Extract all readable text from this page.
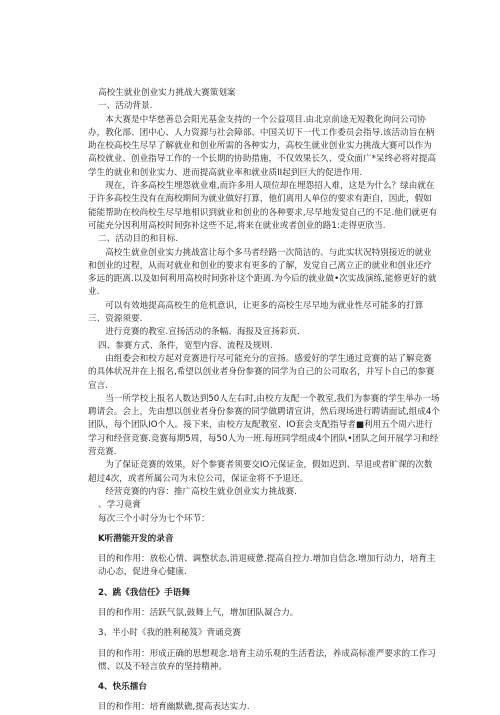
高校生就业创业实力挑战大赛策划案

一、活动背景.

本大赛是中华慈善总会阳光基金支持的一个公益项目.由北京前途无短教化询问公司协办，教化部、团中心、人力资源与社会障部、中国关切下一代工作委员会指导.该活动旨在柄助在校高校生尽早了解就业和创业所需的各种实力，高校生就业创业实力挑战大赛可以作为高校就业、创业指导工作的一个长期的协助措施，不仅效果长久、受众面广*呆终必将对提高学生的就业和创业实力、进而提高就业率和就业质II起到巨大的促进作用.

现在，许多高校生埋怨就业难,而许多用人项位却在埋怨招人难，这是为什么？绿由就在于许多高校生没有在海校期间为就业做好打算，他们离用人单位的要求有距自，因此，假如能能帮助在校尚校生尽早地相识到就业和创业的各种要求,尽早地发觉自己的不足.他们就更有可能充分因利用高校时间弥补这些不足,将来在就业或者创业的路1:走得更欣当.

二、活动目的和目标.

高校生就业创业实力挑战富让每个多马者经路一次简洁的、与此实状况特别接近的就业和创业的过程，从而对就业和创业的要求有更多的了解，发觉自己离立正的就业和创业还疗多远的距离.以及如何利用高校时间弥补这个距离.为今后的就业做•次实战演练,能修更好的就业.

可以有效地提高高校生的危机意识，让更多的高校生尽早地为就业性尽可能多的打算三、资源须要.

进行竞赛的教室.宣扬活动的条幅、海报及宣扬彩页.

四、参赛方式、条件，宽型内容、流程及规则.

由组委会和校方起对竞赛进行尽可能充分的宣扬。感爱好的学生通过竞赛的站了解竞赛的具体状况并在上报名,希望以创业者身份参赛的同学为自己的公司取名，并写卜自己的参赛宣言.

当一所学校上报名人数达到50人左右时,由校方友配一个教室,我们为参赛的学生举办一场聘请会。会上，先由想以创业者身份参赛的同学做聘请宣讲，然后现场进行聘请面试,组成4个团队，每个团队IO个人。接下来，由校方友配教室、IO套会支配指导者■利用五个周六进行学习和经营竞赛.竞赛每期5周，每50人为一班.每班同学组成4个团队•团队之间开展学习和经营竞赛.

为了保证竞赛的效果，好个参赛者须要交IO元保证金，假如迟到、早退或者旷课的次数超过4次，或者所属公司为末位公司，保证金将不予退还。

经营竞赛的内容：推广高校生就业创业实力挑战赛.

、学习竟膏

每次三个小时分为七个环节：

K听潜能开发的录音

目的和作用：放松心情、调整状态,消退疲惫.提高自控力.增加自信念.增加行动力，培育主动心态，促进身心健康.

2、跳《我信任》手语舞

目的和作用：活跃气氛,鼓舞上气，增加团队凝合力。

3、半小时《我的胜利秘笈》背诵竞赛

目的和作用：形成正确的思想观念.培育主动乐观的生活看法，养成高标准严要求的工作习惯、以及不轻言放弃的坚持精神。

4、快乐擂台

目的和作用：培育幽默礁,提高表达实力.
